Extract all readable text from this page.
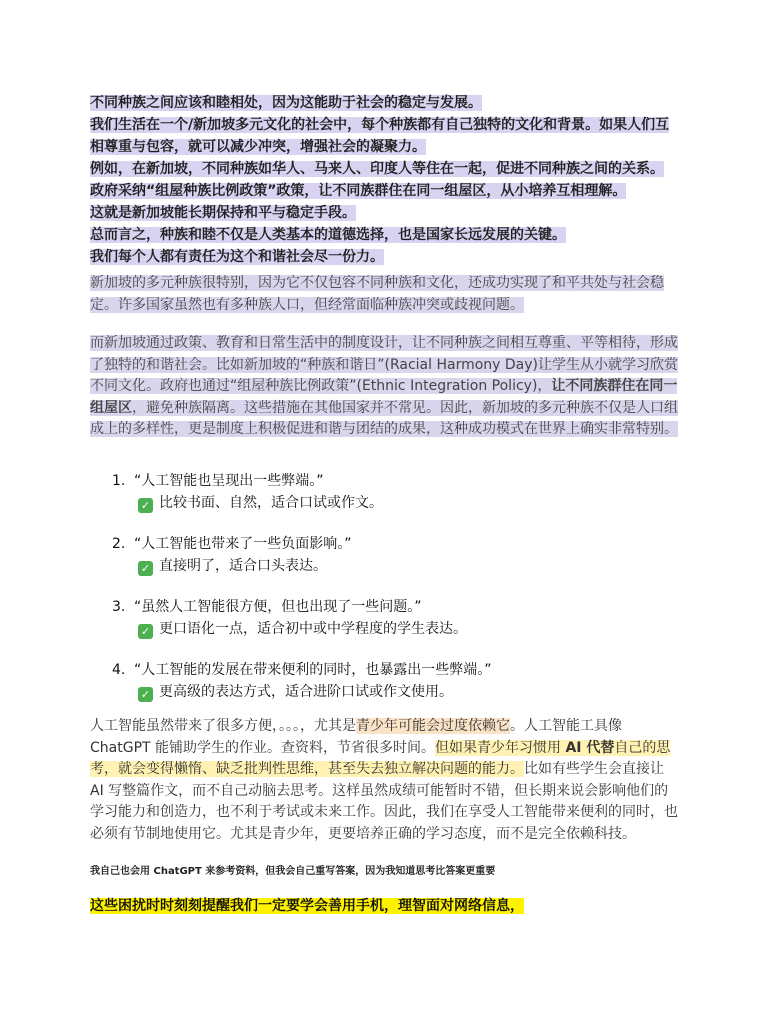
不同种族之间应该和睦相处，因为这能助于社会的稳定与发展。
我们生活在一个/新加坡多元文化的社会中，每个种族都有自己独特的文化和背景。如果人们互相尊重与包容，就可以减少冲突，增强社会的凝聚力。
例如，在新加坡，不同种族如华人、马来人、印度人等住在一起，促进不同种族之间的关系。
政府采纳“组屋种族比例政策”政策，让不同族群住在同一组屋区，从小培养互相理解。
这就是新加坡能长期保持和平与稳定手段。
总而言之，种族和睦不仅是人类基本的道德选择，也是国家长远发展的关键。
我们每个人都有责任为这个和谐社会尽一份力。
新加坡的多元种族很特别，因为它不仅包容不同种族和文化，还成功实现了和平共处与社会稳定。许多国家虽然也有多种族人口，但经常面临种族冲突或歧视问题。
而新加坡通过政策、教育和日常生活中的制度设计，让不同种族之间相互尊重、平等相待，形成了独特的和谐社会。比如新加坡的“种族和谐日”(Racial Harmony Day)让学生从小就学习欣赏不同文化。政府也通过“组屋种族比例政策”(Ethnic Integration Policy)，让不同族群住在同一组屋区，避免种族隔离。这些措施在其他国家并不常见。因此，新加坡的多元种族不仅是人口组成上的多样性，更是制度上积极促进和谐与团结的成果，这种成功模式在世界上确实非常特别。
1. “人工智能也呈现出一些弊端。”
✓ 比较书面、自然，适合口试或作文。
2. “人工智能也带来了一些负面影响。”
✓ 直接明了，适合口头表达。
3. “虽然人工智能很方便，但也出现了一些问题。”
✓ 更口语化一点，适合初中或中学程度的学生表达。
4. “人工智能的发展在带来便利的同时，也暴露出一些弊端。”
✓ 更高级的表达方式，适合进阶口试或作文使用。
人工智能虽然带来了很多方便，。。。，尤其是青少年可能会过度依赖它。人工智能工具像ChatGPT 能铺助学生的作业。查资料，节省很多时间。但如果青少年习惯用 AI 代替自己的思考，就会变得懒惰、缺乏批判性思维，甚至失去独立解决问题的能力。比如有些学生会直接让 AI 写整篇作文，而不自己动脑去思考。这样虽然成绩可能暂时不错，但长期来说会影响他们的学习能力和创造力，也不利于考试或未来工作。因此，我们在享受人工智能带来便利的同时，也必须有节制地使用它。尤其是青少年，更要培养正确的学习态度，而不是完全依赖科技。
我自己也会用 ChatGPT 来参考资料，但我会自己重写答案，因为我知道思考比答案更重要
这些困扰时时刻刻提醒我们一定要学会善用手机，理智面对网络信息，
